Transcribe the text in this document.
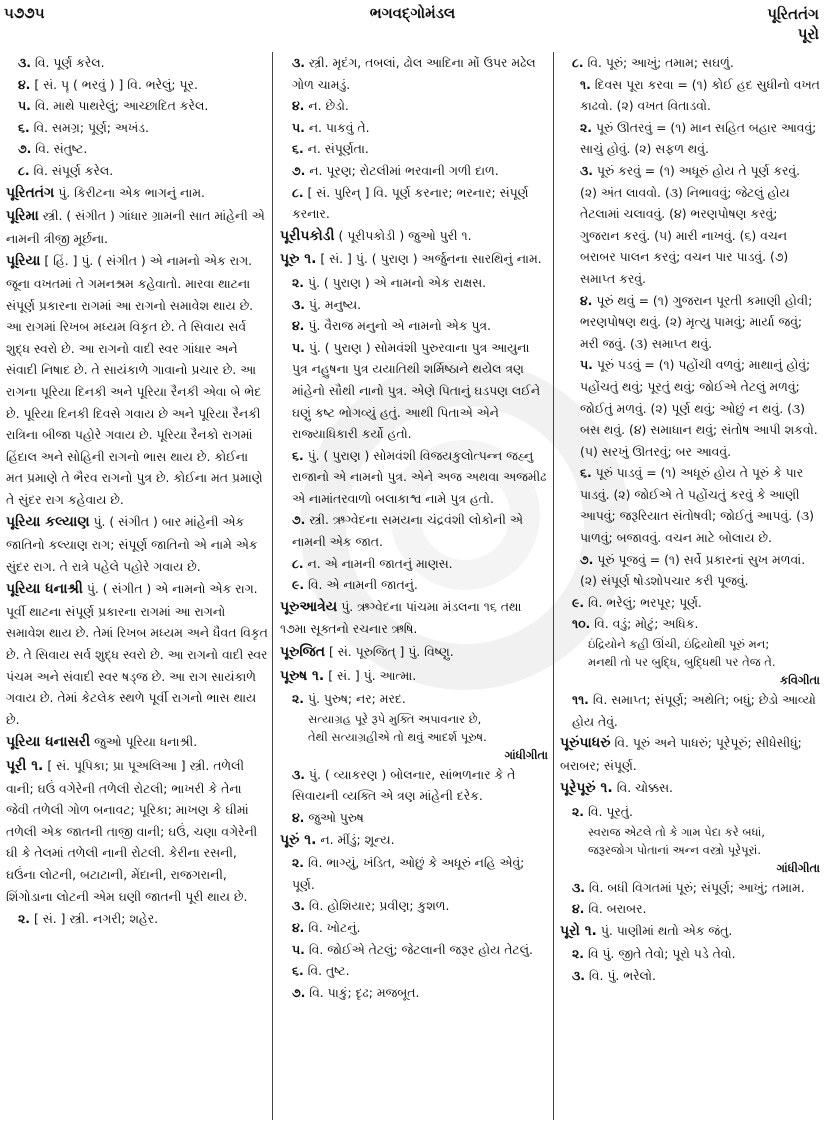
૫૭૭૫	ભગવદ્ગોમંડલ	પૂરિતતંગ
પૂરો
૩. વિ. પૂર્ણ કરેલ.
૪. [ સં. પૄ ( ભરવું ) ] વિ. ભરેલું; પૂર.
૫. વિ. માથે પાથરેલું; આચ્છાદિત કરેલ.
૬. વિ. સમગ્ર; પૂર્ણ; અખંડ.
૭. વિ. સંતુષ્ટ.
૮. વિ. સંપૂર્ણ કરેલ.
પૂરિતતંગ પું. કિરીટના એક ભાગનું નામ.
પૂરિમા સ્ત્રી. ( સંગીત ) ગાંધાર ગ્રામની સાત માંહેની એ નામની ત્રીજી મૂર્છના.
પૂરિયા [ હિં. ] પું. ( સંગીત ) એ નામનો એક રાગ. જૂના વખતમાં તે ગમનશ્રમ કહેવાતો. મારવા થાટના સંપૂર્ણ પ્રકારના રાગમાં આ રાગનો સમાવેશ થાય છે. આ રાગમાં રિખબ મધ્યમ વિકૃત છે. તે સિવાય સર્વ શુદ્ધ સ્વરો છે. આ રાગનો વાદી સ્વર ગાંધાર અને સંવાદી નિષાદ છે. તે સાયંકાળે ગાવાનો પ્રચાર છે. આ રાગના પૂરિયા દિનકી અને પૂરિયા રૈનકી એવા બે ભેદ છે. પૂરિયા દિનકી દિવસે ગવાય છે અને પૂરિયા રૈનકી રાત્રિના બીજા પહોરે ગવાય છે. પૂરિયા રૈનકો રાગમાં હિંદાલ અને સોહિની રાગનો ભાસ થાય છે. કોઈના મત પ્રમાણે તે ભૈરવ રાગનો પુત્ર છે. કોઈના મત પ્રમાણે તે સુંદર રાગ કહેવાય છે.
પૂરિયા કલ્યાણ પું. ( સંગીત ) બાર માંહેની એક જાતિનો કલ્યાણ રાગ; સંપૂર્ણ જાતિનો એ નામે એક સુંદર રાગ. તે રાત્રે પહેલે પહોરે ગવાય છે.
પૂરિયા ધનાશ્રી પું. ( સંગીત ) એ નામનો એક રાગ. પૂર્વી થાટના સંપૂર્ણ પ્રકારના રાગમાં આ રાગનો સમાવેશ થાય છે. તેમાં રિખબ મધ્યમ અને ધૈવત વિકૃત છે. તે સિવાય સર્વ શુદ્ધ સ્વરો છે. આ રાગનો વાદી સ્વર પંચમ અને સંવાદી સ્વર ષડ્જ છે. આ રાગ સાયંકાળે ગવાય છે. તેમાં કેટલેક સ્થળે પૂર્વી રાગનો ભાસ થાય છે.
પૂરિયા ધનાસરી જુઓ પૂરિયા ધનાશ્રી.
પૂરી ૧. [ સં. પૂપિકા; પ્રા પૂઅલિઆ ] સ્ત્રી. તળેલી વાની; ઘઉં વગેરેની તળેલી રોટલી; ભાખરી કે તેના જેવી તળેલી ગોળ બનાવટ; પૂરિકા; માખણ કે ઘીમાં તળેલી એક જાતની તાજી વાની; ઘઉં, ચણા વગેરેની ઘી કે તેલમાં તળેલી નાની રોટલી. કેરીના રસની, ઘઉંના લોટની, બટાટાની, મેંદાની, રાજગરાની, શિંગોડાના લોટની એમ ઘણી જાતની પૂરી થાય છે.
૨. [ સં. ] સ્ત્રી. નગરી; શહેર.
૩. સ્ત્રી. મૃદંગ, તબલાં, ઢોલ આદિના મોં ઉપર મઢેલ ગોળ ચામડું.
૪. ન. છેડો.
૫. ન. પાકવું તે.
૬. ન. સંપૂર્ણતા.
૭. ન. પૂરણ; રોટલીમાં ભરવાની ગળી દાળ.
૮. [ સં. પુરિન્ ] વિ. પૂર્ણ કરનાર; ભરનાર; સંપૂર્ણ કરનાર.
પૂરીપકોડી ( પૂરીપકોડી ) જુઓ પુરી ૧.
પૂરુ ૧. [ સં. ] પું. ( પુરાણ ) અર્જુનના સારથિનું નામ.
૨. પું. ( પુરાણ ) એ નામનો એક રાક્ષસ.
૩. પું. મનુષ્ય.
૪. પું. વૈરાજ મનુનો એ નામનો એક પુત્ર.
૫. પું. ( પુરાણ ) સોમવંશી પુરુરવાના પુત્ર આયુના પુત્ર નહુષના પુત્ર યયાતિથી શર્મિષ્ઠાને થયેલ ત્રણ માંહેનો સૌથી નાનો પુત્ર. એણે પિતાનું ઘડપણ લઈને ઘણું કષ્ટ ભોગવ્યું હતું. આથી પિતાએ એને રાજ્યાધિકારી કર્યો હતો.
૬. પું. ( પુરાણ ) સોમવંશી વિજયકુલોત્પન્ન જહ્નુ રાજાનો એ નામનો પુત્ર. એને અજ અથવા અજમીઢ એ નામાંતરવાળો બલાકાશ્વ નામે પુત્ર હતો.
૭. સ્ત્રી. ઋગ્વેદના સમયના ચંદ્રવંશી લોકોની એ નામની એક જાત.
૮. ન. એ નામની જાતનું માણસ.
૯. વિ. એ નામની જાતનું.
પૂરુઆત્રેય પું. ઋગ્વેદના પાંચમા મંડલના ૧૬ તથા ૧૭મા સૂક્તનો રચનાર ઋષિ.
પૂરુજિત [ સં. પૂરુજિત્ ] પું. વિષ્ણુ.
પૂરુષ ૧. [ સં. ] પું. આત્મા.
૨. પું. પુરુષ; નર; મરદ.

સત્યાગ્રહ પૂરે રૂપે મુક્તિ અપાવનાર છે,

તેથી સત્યાગ્રહીએ તો થવું આદર્શ પૂરુષ.

ગાંધીગીતા

૩. પું. ( વ્યાકરણ ) બોલનાર, સાંભળનાર કે તે સિવાયની વ્યક્તિ એ ત્રણ માંહેની દરેક.
૪. જુઓ પુરુષ
પૂરું ૧. ન. મીંડું; શૂન્ય.
૨. વિ. ભાગ્યું, ખંડિત, ઓછું કે અધૂરું નહિ એવું; પૂર્ણ.
૩. વિ. હોશિયાર; પ્રવીણ; કુશળ.
૪. વિ. ખોટનું.
૫. વિ. જોઈએ તેટલું; જેટલાની જરૂર હોય તેટલું.
૬. વિ. તુષ્ટ.
૭. વિ. પાકું; દૃઢ; મજબૂત.
૮. વિ. પૂરું; આખું; તમામ; સઘળું.
૧. દિવસ પૂરા કરવા = (૧) કોઈ હદ સુધીનો વખત કાઢવો. (૨) વખત વિતાડવો.
૨. પૂરું ઊતરવું = (૧) માન સહિત બહાર આવવું; સાચું હોવું. (૨) સફળ થવું.
૩. પૂરું કરવું = (૧) અધૂરું હોય તે પૂર્ણ કરવું. (૨) અંત લાવવો. (૩) નિભાવવું; જેટલું હોય તેટલામાં ચલાવવું. (૪) ભરણપોષણ કરવું; ગુજરાન કરવું. (૫) મારી નાખવું. (૬) વચન બરાબર પાલન કરવું; વચન પાર પાડવું. (૭) સમાપ્ત કરવું.
૪. પૂરું થવું = (૧) ગુજરાન પૂરતી કમાણી હોવી; ભરણપોષણ થવું. (૨) મૃત્યુ પામવું; માર્યા જવું; મરી જવું. (૩) સમાપ્ત થવું.
૫. પૂરું પડવું = (૧) પહોંચી વળવું; માથાનું હોવું; પહોંચતું થવું; પૂરતું થવું; જોઈએ તેટલું મળવું; જોઈતું મળવું. (૨) પૂર્ણ થવું; ઓછું ન થવું. (૩) બસ થવું. (૪) સમાધાન થવું; સંતોષ આપી શકવો. (૫) સરખું ઊતરવું; બર આવવું.
૬. પૂરું પાડવું = (૧) અધૂરું હોય તે પૂરું કે પાર પાડવું. (૨) જોઈએ તે પહોંચતું કરવું કે આણી આપવું; જરૂરિયાત સંતોષવી; જોઈતું આપવું. (૩) પાળવું; બજાવવું. વચન માટે બોલાય છે.
૭. પૂરું પૂજવું = (૧) સર્વે પ્રકારનાં સુખ મળવાં. (૨) સંપૂર્ણ ષોડશોપચાર કરી પૂજવું.
૯. વિ. ભરેલું; ભરપૂર; પૂર્ણ.
૧૦. વિ. વડું; મોટું; અધિક.

ઇંદ્રિયોને કહી ઊંચી, ઇંદ્રિયોથી પૂરું મન;

મનથી તો પર બુદ્ધિ, બુદ્ધિથી પર તેજ તે.

કવિગીતા

૧૧. વિ. સમાપ્ત; સંપૂર્ણ; અથેતિ; બધું; છેડો આવ્યો હોય તેવું.
પૂરુંપાધરું વિ. પૂરું અને પાધરું; પૂરેપૂરું; સીધેસીધું; બરાબર; સંપૂર્ણ.
પૂરેપૂરું ૧. વિ. ચોક્કસ.
૨. વિ. પૂરતું.

સ્વરાજ એટલે તો કે ગામ પેદા કરે બધાં,

જરૂરજોગ પોતાનાં અન્ન વસ્ત્રો પૂરેપૂરાં.

ગાંધીગીતા

૩. વિ. બધી વિગતમાં પૂરું; સંપૂર્ણ; આખું; તમામ.
૪. વિ. બરાબર.
પૂરો ૧. પું. પાણીમાં થતો એક જંતુ.
૨. વિ પું. જીતે તેવો; પૂરો પડે તેવો.
૩. વિ. પું. ભરેલો.
